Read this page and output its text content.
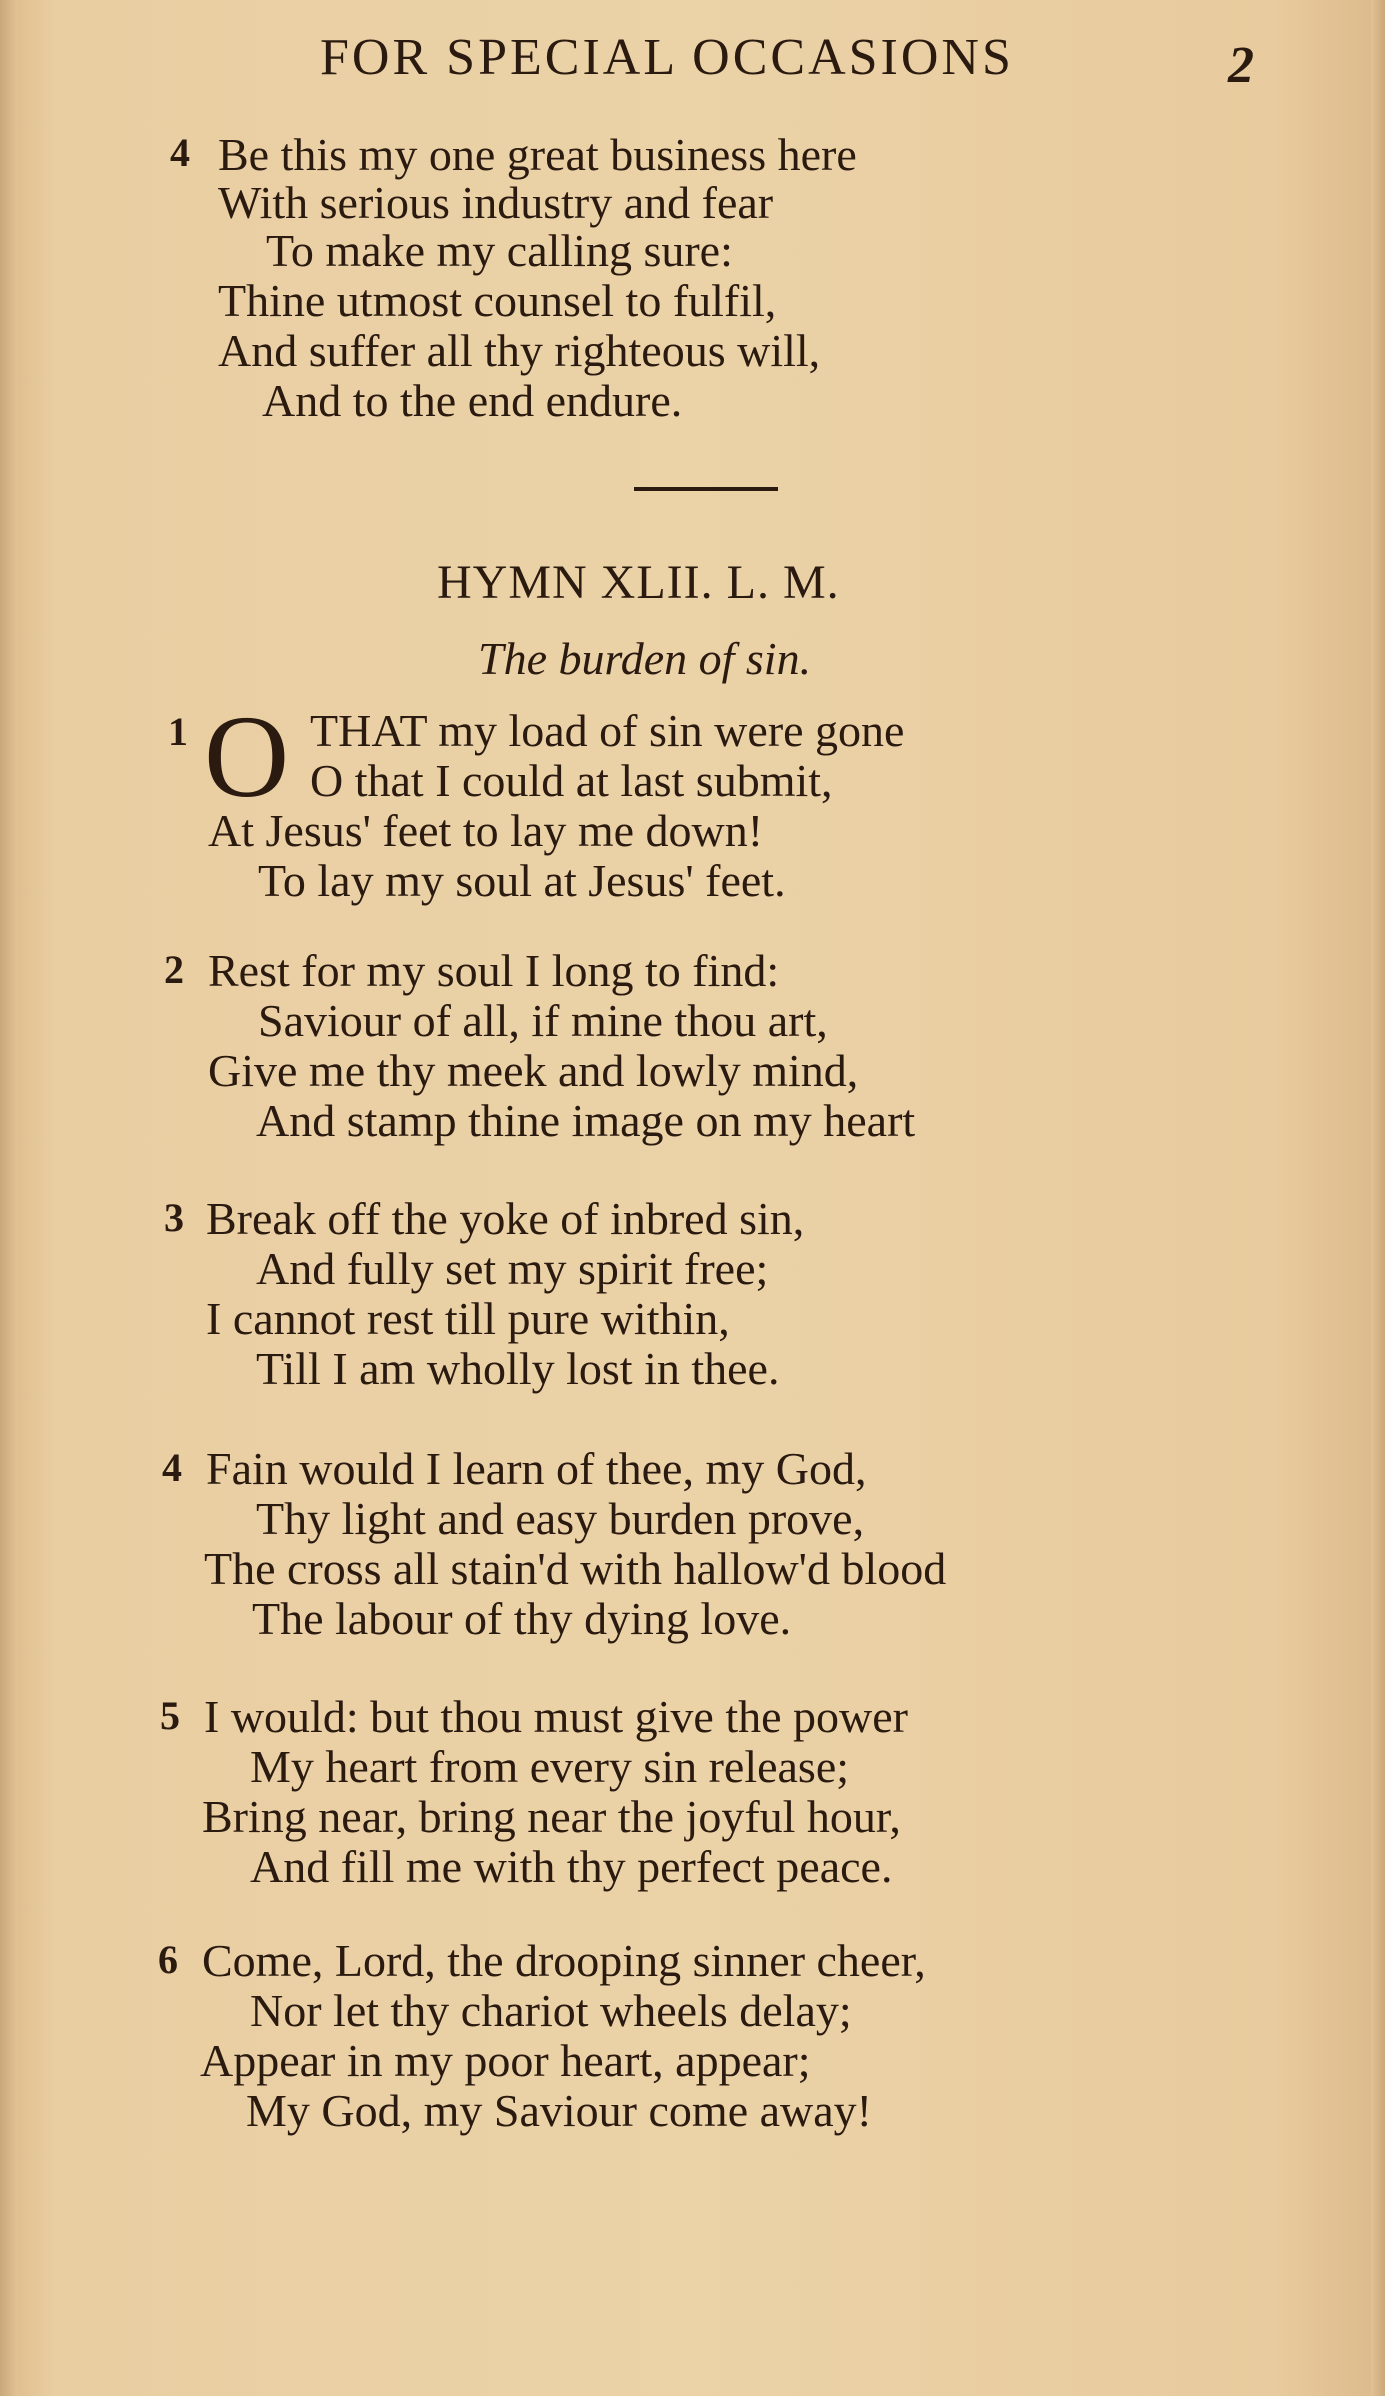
FOR SPECIAL OCCASIONS	2
4 Be this my one great business here
With serious industry and fear
To make my calling sure:
Thine utmost counsel to fulfil,
And suffer all thy righteous will,
And to the end endure.
HYMN XLII. L. M.
The burden of sin.
1 O THAT my load of sin were gone
O that I could at last submit,
At Jesus' feet to lay me down!
To lay my soul at Jesus' feet.
2 Rest for my soul I long to find:
Saviour of all, if mine thou art,
Give me thy meek and lowly mind,
And stamp thine image on my heart
3 Break off the yoke of inbred sin,
And fully set my spirit free;
I cannot rest till pure within,
Till I am wholly lost in thee.
4 Fain would I learn of thee, my God,
Thy light and easy burden prove,
The cross all stain'd with hallow'd blood
The labour of thy dying love.
5 I would: but thou must give the power
My heart from every sin release;
Bring near, bring near the joyful hour,
And fill me with thy perfect peace.
6 Come, Lord, the drooping sinner cheer,
Nor let thy chariot wheels delay;
Appear in my poor heart, appear;
My God, my Saviour come away!
